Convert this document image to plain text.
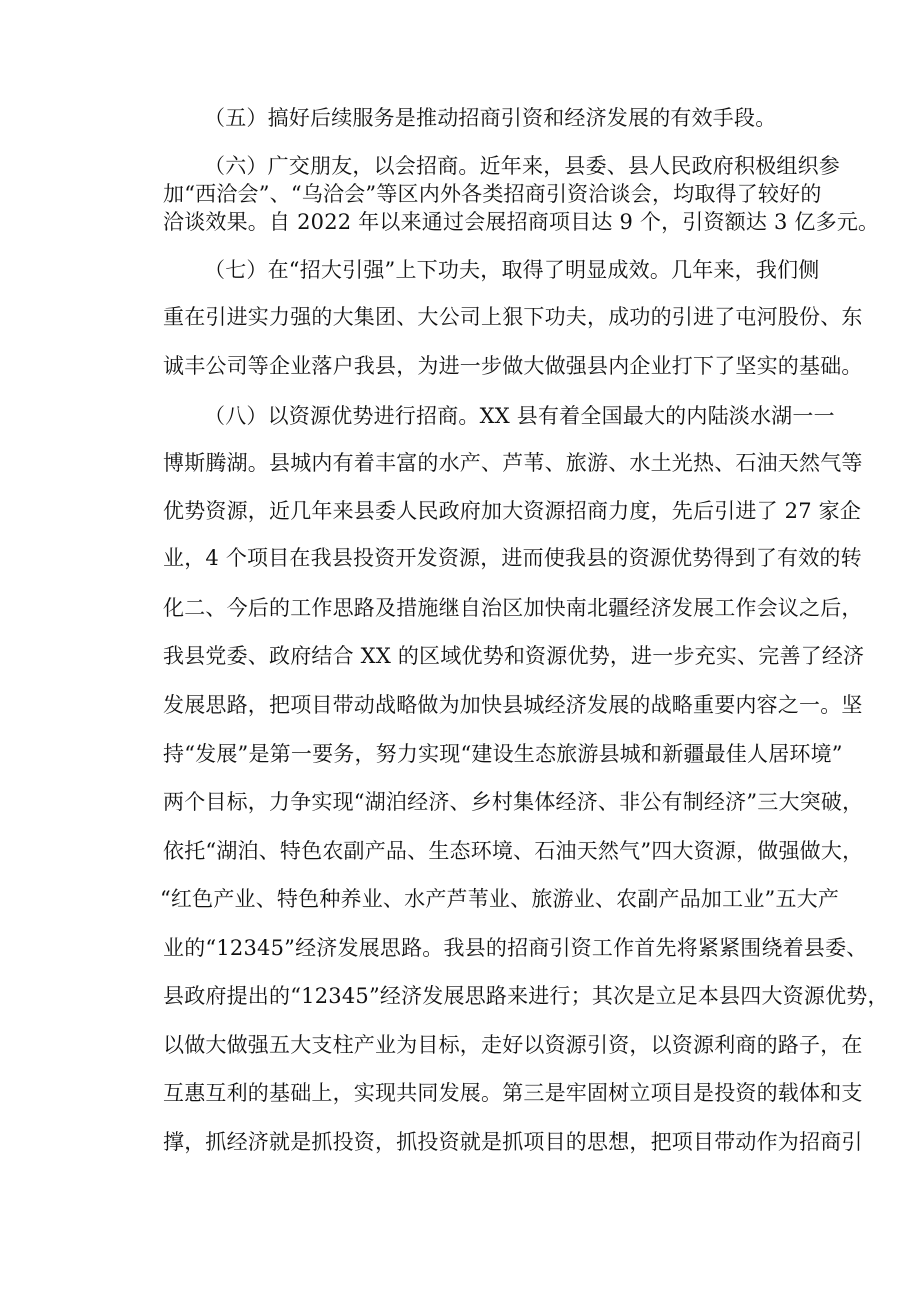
（五）搞好后续服务是推动招商引资和经济发展的有效手段。
（六）广交朋友，以会招商。近年来，县委、县人民政府积极组织参
加“西洽会”、“乌洽会”等区内外各类招商引资洽谈会，均取得了较好的
洽谈效果。自 2022 年以来通过会展招商项目达 9 个，引资额达 3 亿多元。
（七）在“招大引强”上下功夫，取得了明显成效。几年来，我们侧
重在引进实力强的大集团、大公司上狠下功夫，成功的引进了屯河股份、东
诚丰公司等企业落户我县，为进一步做大做强县内企业打下了坚实的基础。
（八）以资源优势进行招商。XX 县有着全国最大的内陆淡水湖一一
博斯腾湖。县城内有着丰富的水产、芦苇、旅游、水土光热、石油天然气等
优势资源，近几年来县委人民政府加大资源招商力度，先后引进了 27 家企
业，4 个项目在我县投资开发资源，进而使我县的资源优势得到了有效的转
化二、今后的工作思路及措施继自治区加快南北疆经济发展工作会议之后，
我县党委、政府结合 XX 的区域优势和资源优势，进一步充实、完善了经济
发展思路，把项目带动战略做为加快县城经济发展的战略重要内容之一。坚
持“发展”是第一要务，努力实现“建设生态旅游县城和新疆最佳人居环境”
两个目标，力争实现“湖泊经济、乡村集体经济、非公有制经济”三大突破，
依托“湖泊、特色农副产品、生态环境、石油天然气”四大资源，做强做大，
“红色产业、特色种养业、水产芦苇业、旅游业、农副产品加工业”五大产
业的“12345”经济发展思路。我县的招商引资工作首先将紧紧围绕着县委、
县政府提出的“12345”经济发展思路来进行；其次是立足本县四大资源优势，
以做大做强五大支柱产业为目标，走好以资源引资，以资源利商的路子，在
互惠互利的基础上，实现共同发展。第三是牢固树立项目是投资的载体和支
撑，抓经济就是抓投资，抓投资就是抓项目的思想，把项目带动作为招商引
